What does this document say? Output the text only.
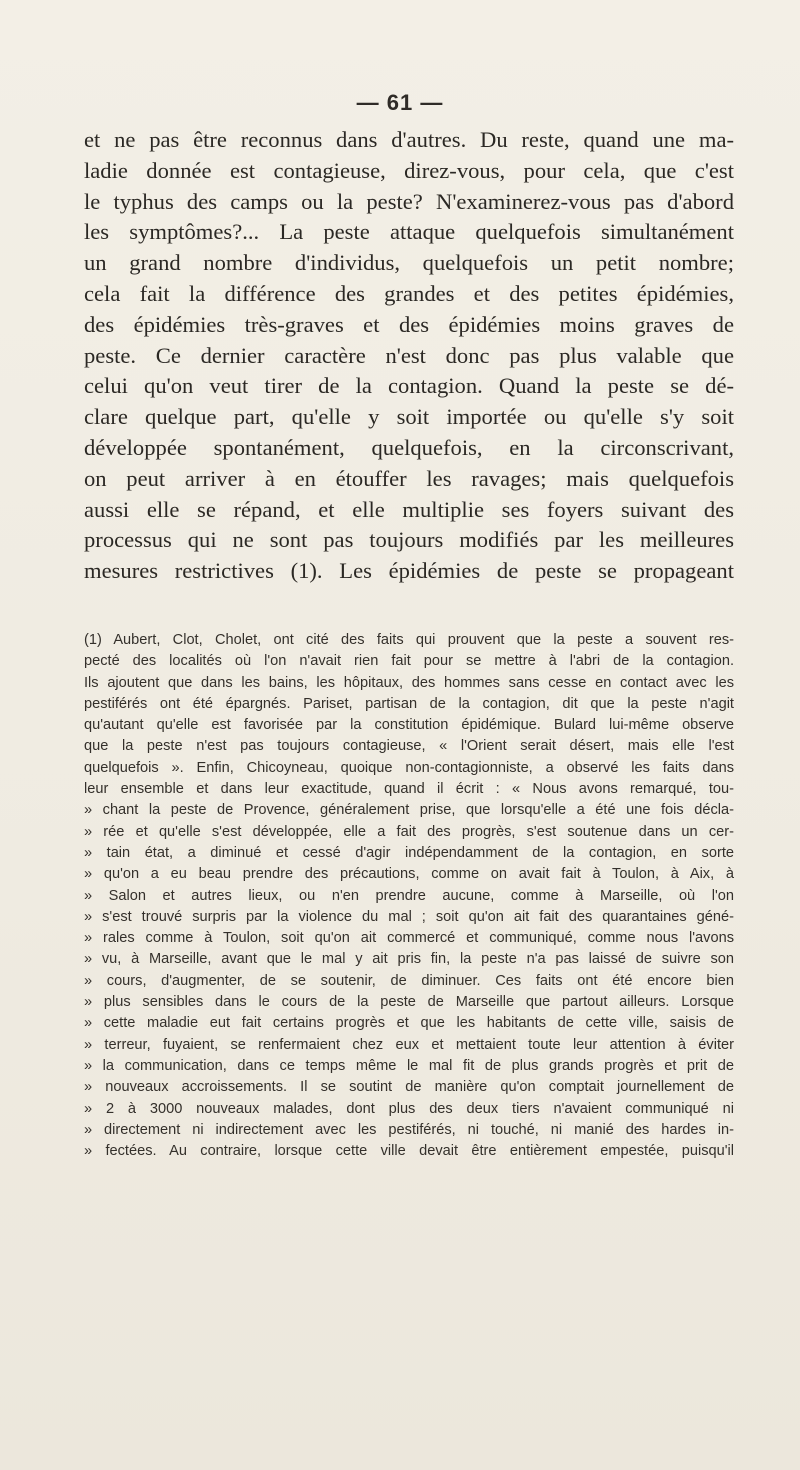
— 61 —
et ne pas être reconnus dans d'autres. Du reste, quand une ma-
ladie donnée est contagieuse, direz-vous, pour cela, que c'est
le typhus des camps ou la peste? N'examinerez-vous pas d'abord
les symptômes?... La peste attaque quelquefois simultanément
un grand nombre d'individus, quelquefois un petit nombre;
cela fait la différence des grandes et des petites épidémies,
des épidémies très-graves et des épidémies moins graves de
peste. Ce dernier caractère n'est donc pas plus valable que
celui qu'on veut tirer de la contagion. Quand la peste se dé-
clare quelque part, qu'elle y soit importée ou qu'elle s'y soit
développée spontanément, quelquefois, en la circonscrivant,
on peut arriver à en étouffer les ravages; mais quelquefois
aussi elle se répand, et elle multiplie ses foyers suivant des
processus qui ne sont pas toujours modifiés par les meilleures
mesures restrictives (1). Les épidémies de peste se propageant
(1) Aubert, Clot, Cholet, ont cité des faits qui prouvent que la peste a souvent res-
pecté des localités où l'on n'avait rien fait pour se mettre à l'abri de la contagion.
Ils ajoutent que dans les bains, les hôpitaux, des hommes sans cesse en contact avec les
pestiférés ont été épargnés. Pariset, partisan de la contagion, dit que la peste n'agit
qu'autant qu'elle est favorisée par la constitution épidémique. Bulard lui-même observe
que la peste n'est pas toujours contagieuse, « l'Orient serait désert, mais elle l'est
quelquefois ». Enfin, Chicoyneau, quoique non-contagionniste, a observé les faits dans
leur ensemble et dans leur exactitude, quand il écrit : « Nous avons remarqué, tou-
» chant la peste de Provence, généralement prise, que lorsqu'elle a été une fois décla-
» rée et qu'elle s'est développée, elle a fait des progrès, s'est soutenue dans un cer-
» tain état, a diminué et cessé d'agir indépendamment de la contagion, en sorte
» qu'on a eu beau prendre des précautions, comme on avait fait à Toulon, à Aix, à
» Salon et autres lieux, ou n'en prendre aucune, comme à Marseille, où l'on
» s'est trouvé surpris par la violence du mal ; soit qu'on ait fait des quarantaines géné-
» rales comme à Toulon, soit qu'on ait commercé et communiqué, comme nous l'avons
» vu, à Marseille, avant que le mal y ait pris fin, la peste n'a pas laissé de suivre son
» cours, d'augmenter, de se soutenir, de diminuer. Ces faits ont été encore bien
» plus sensibles dans le cours de la peste de Marseille que partout ailleurs. Lorsque
» cette maladie eut fait certains progrès et que les habitants de cette ville, saisis de
» terreur, fuyaient, se renfermaient chez eux et mettaient toute leur attention à éviter
» la communication, dans ce temps même le mal fit de plus grands progrès et prit de
» nouveaux accroissements. Il se soutint de manière qu'on comptait journellement de
» 2 à 3000 nouveaux malades, dont plus des deux tiers n'avaient communiqué ni
» directement ni indirectement avec les pestiférés, ni touché, ni manié des hardes in-
» fectées. Au contraire, lorsque cette ville devait être entièrement empestée, puisqu'il
